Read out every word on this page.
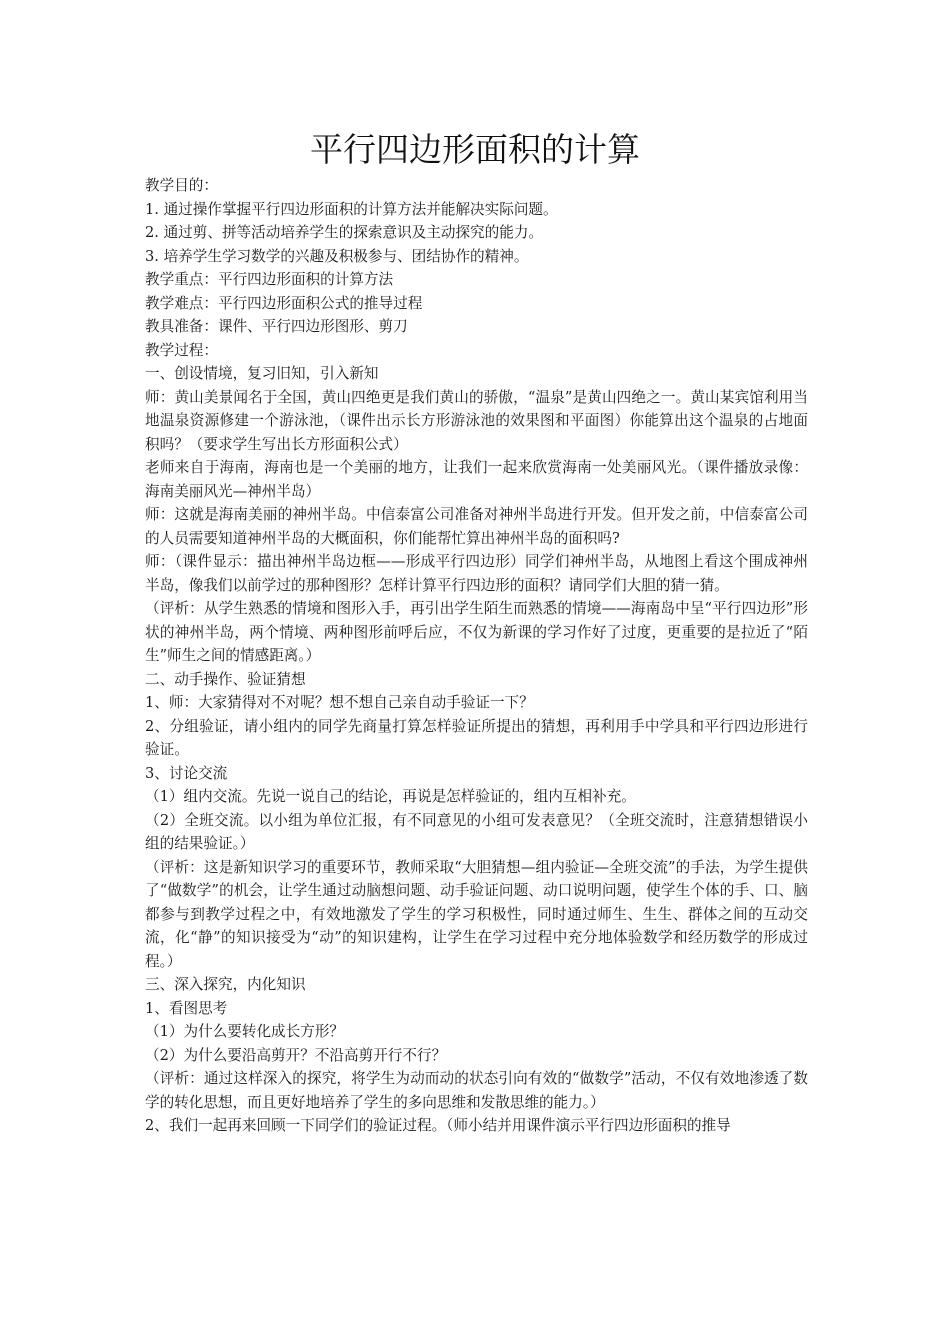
平行四边形面积的计算

教学目的：

1. 通过操作掌握平行四边形面积的计算方法并能解决实际问题。

2. 通过剪、拼等活动培养学生的探索意识及主动探究的能力。

3. 培养学生学习数学的兴趣及积极参与、团结协作的精神。

教学重点：平行四边形面积的计算方法

教学难点：平行四边形面积公式的推导过程

教具准备：课件、平行四边形图形、剪刀

教学过程：

一、创设情境，复习旧知，引入新知

师：黄山美景闻名于全国，黄山四绝更是我们黄山的骄傲，“温泉”是黄山四绝之一。黄山某宾馆利用当地温泉资源修建一个游泳池，（课件出示长方形游泳池的效果图和平面图）你能算出这个温泉的占地面积吗？（要求学生写出长方形面积公式）

老师来自于海南，海南也是一个美丽的地方，让我们一起来欣赏海南一处美丽风光。（课件播放录像：海南美丽风光—神州半岛）

师：这就是海南美丽的神州半岛。中信泰富公司准备对神州半岛进行开发。但开发之前，中信泰富公司的人员需要知道神州半岛的大概面积，你们能帮忙算出神州半岛的面积吗?

师：（课件显示：描出神州半岛边框——形成平行四边形）同学们神州半岛，从地图上看这个围成神州半岛，像我们以前学过的那种图形？怎样计算平行四边形的面积？请同学们大胆的猜一猜。

（评析：从学生熟悉的情境和图形入手，再引出学生陌生而熟悉的情境——海南岛中呈“平行四边形”形状的神州半岛，两个情境、两种图形前呼后应，不仅为新课的学习作好了过度，更重要的是拉近了“陌生”师生之间的情感距离。）

二、动手操作、验证猜想

1、师：大家猜得对不对呢？想不想自己亲自动手验证一下？

2、分组验证，请小组内的同学先商量打算怎样验证所提出的猜想，再利用手中学具和平行四边形进行验证。

3、讨论交流

（1）组内交流。先说一说自己的结论，再说是怎样验证的，组内互相补充。

（2）全班交流。以小组为单位汇报，有不同意见的小组可发表意见？（全班交流时，注意猜想错误小组的结果验证。）

（评析：这是新知识学习的重要环节，教师采取“大胆猜想—组内验证—全班交流”的手法，为学生提供了“做数学”的机会，让学生通过动脑想问题、动手验证问题、动口说明问题，使学生个体的手、口、脑都参与到教学过程之中，有效地激发了学生的学习积极性，同时通过师生、生生、群体之间的互动交流，化“静”的知识接受为“动”的知识建构，让学生在学习过程中充分地体验数学和经历数学的形成过程。）

三、深入探究，内化知识

1、看图思考

（1）为什么要转化成长方形？

（2）为什么要沿高剪开？不沿高剪开行不行？

（评析：通过这样深入的探究，将学生为动而动的状态引向有效的“做数学”活动，不仅有效地渗透了数学的转化思想，而且更好地培养了学生的多向思维和发散思维的能力。）

2、我们一起再来回顾一下同学们的验证过程。（师小结并用课件演示平行四边形面积的推导
